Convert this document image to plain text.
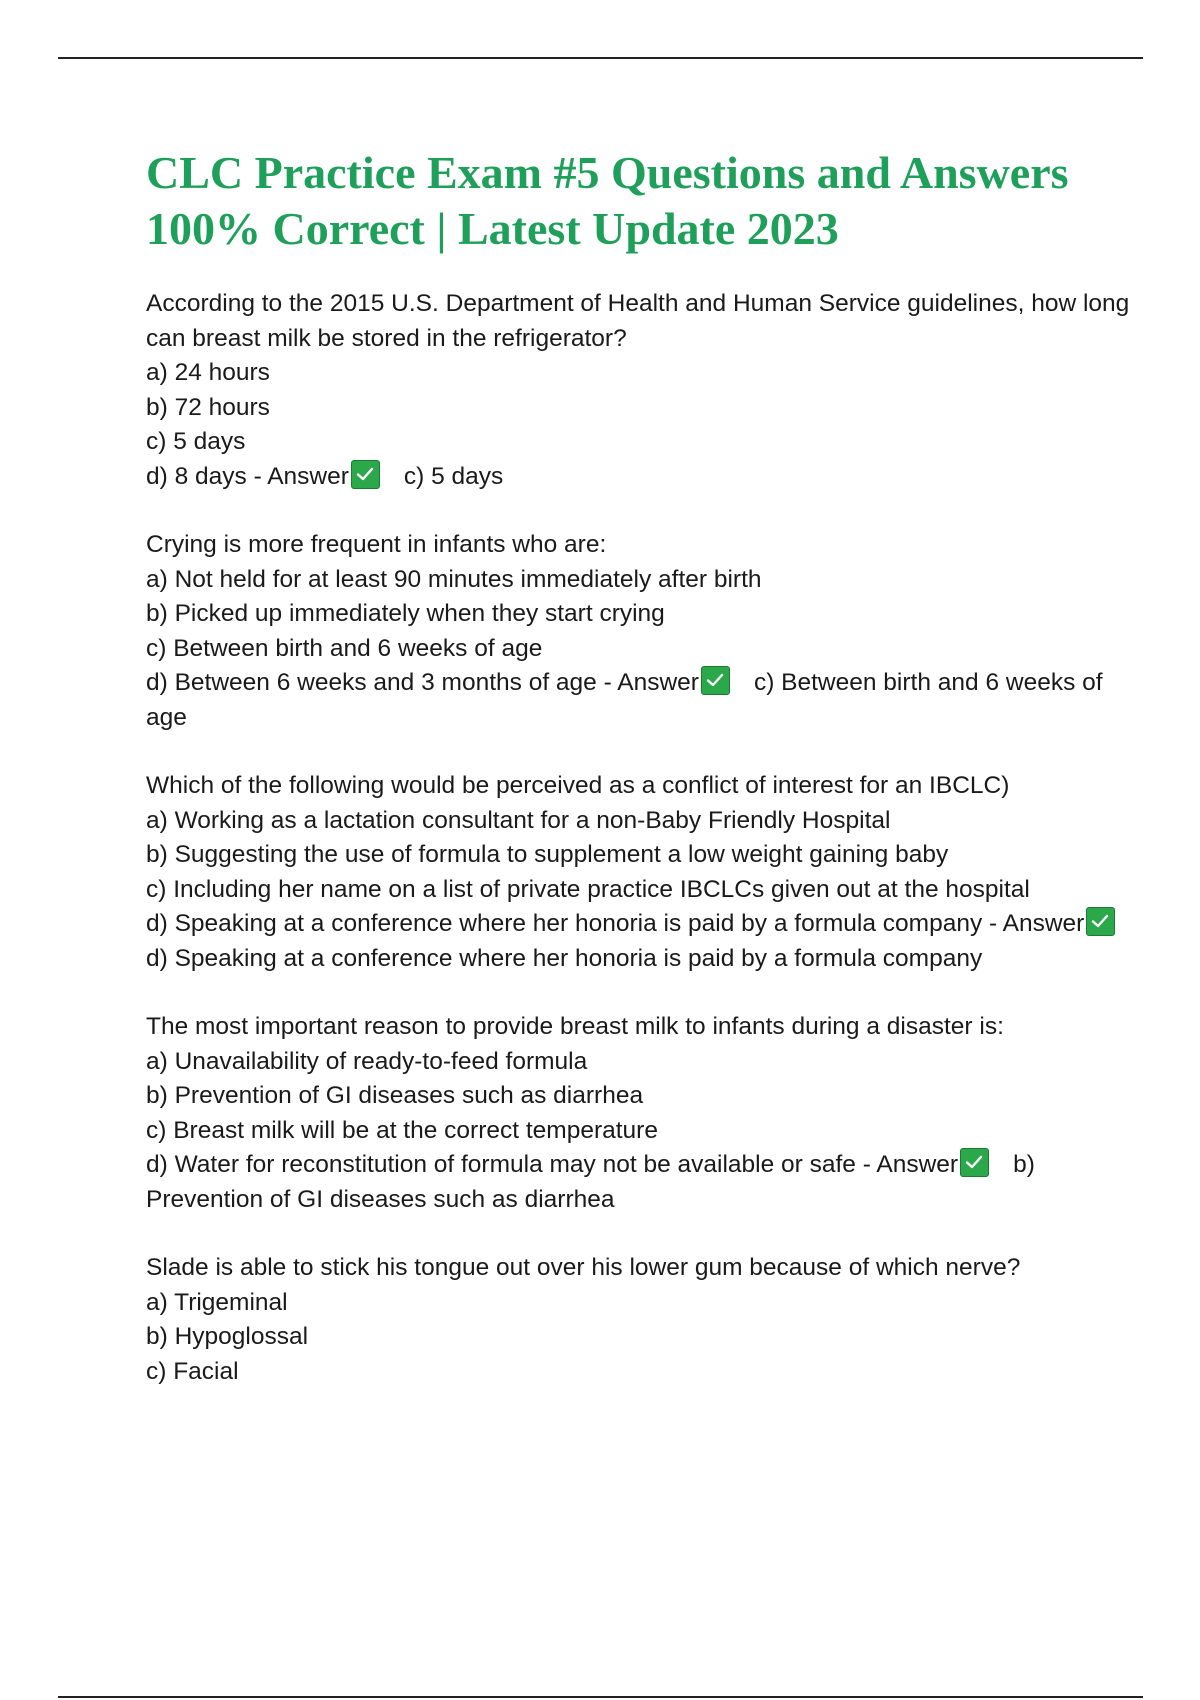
CLC Practice Exam #5 Questions and Answers 100% Correct | Latest Update 2023
According to the 2015 U.S. Department of Health and Human Service guidelines, how long can breast milk be stored in the refrigerator?
a) 24 hours
b) 72 hours
c) 5 days
d) 8 days - Answer c) 5 days
Crying is more frequent in infants who are:
a) Not held for at least 90 minutes immediately after birth
b) Picked up immediately when they start crying
c) Between birth and 6 weeks of age
d) Between 6 weeks and 3 months of age - Answer c) Between birth and 6 weeks of age
Which of the following would be perceived as a conflict of interest for an IBCLC)
a) Working as a lactation consultant for a non-Baby Friendly Hospital
b) Suggesting the use of formula to supplement a low weight gaining baby
c) Including her name on a list of private practice IBCLCs given out at the hospital
d) Speaking at a conference where her honoria is paid by a formula company - Answer
d) Speaking at a conference where her honoria is paid by a formula company
The most important reason to provide breast milk to infants during a disaster is:
a) Unavailability of ready-to-feed formula
b) Prevention of GI diseases such as diarrhea
c) Breast milk will be at the correct temperature
d) Water for reconstitution of formula may not be available or safe - Answer b) Prevention of GI diseases such as diarrhea
Slade is able to stick his tongue out over his lower gum because of which nerve?
a) Trigeminal
b) Hypoglossal
c) Facial
